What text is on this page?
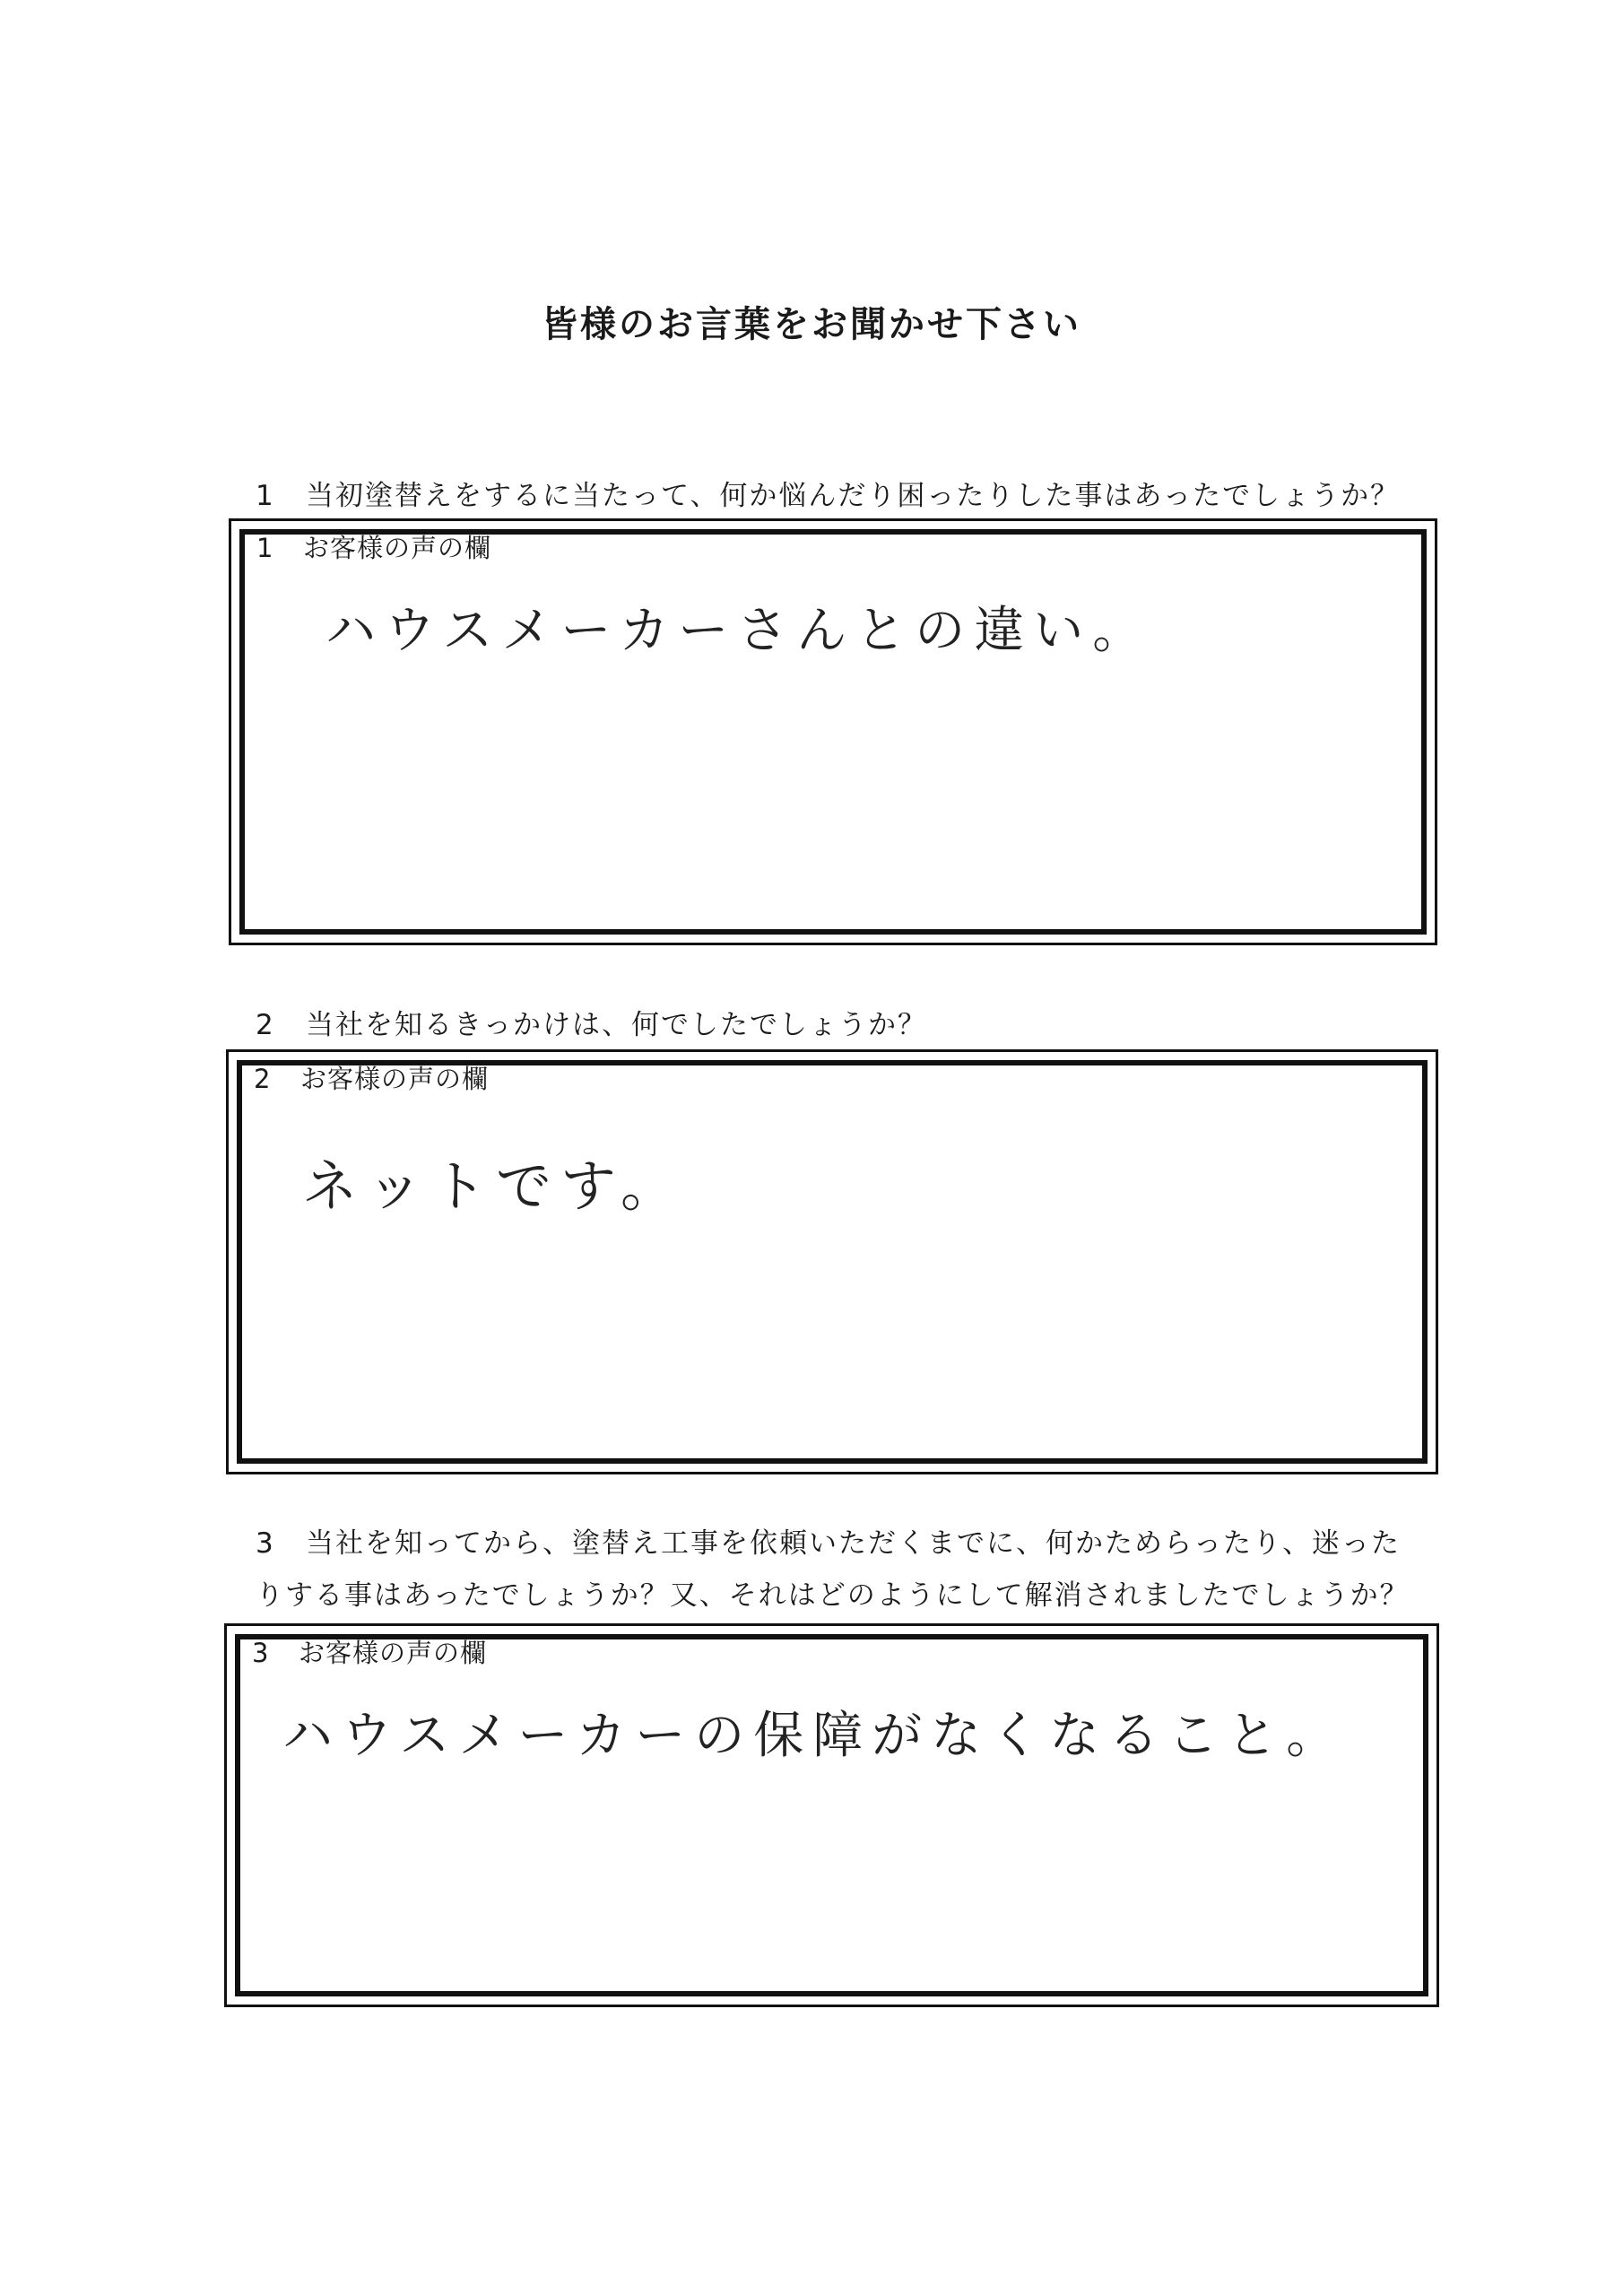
皆様のお言葉をお聞かせ下さい
1 当初塗替えをするに当たって、何か悩んだり困ったりした事はあったでしょうか？
1 お客様の声の欄
ハウスメーカーさんとの違い。
2 当社を知るきっかけは、何でしたでしょうか？
2 お客様の声の欄
ネットです。
3 当社を知ってから、塗替え工事を依頼いただくまでに、何かためらったり、迷った
りする事はあったでしょうか？又、それはどのようにして解消されましたでしょうか？
3 お客様の声の欄
ハウスメーカーの保障がなくなること。
